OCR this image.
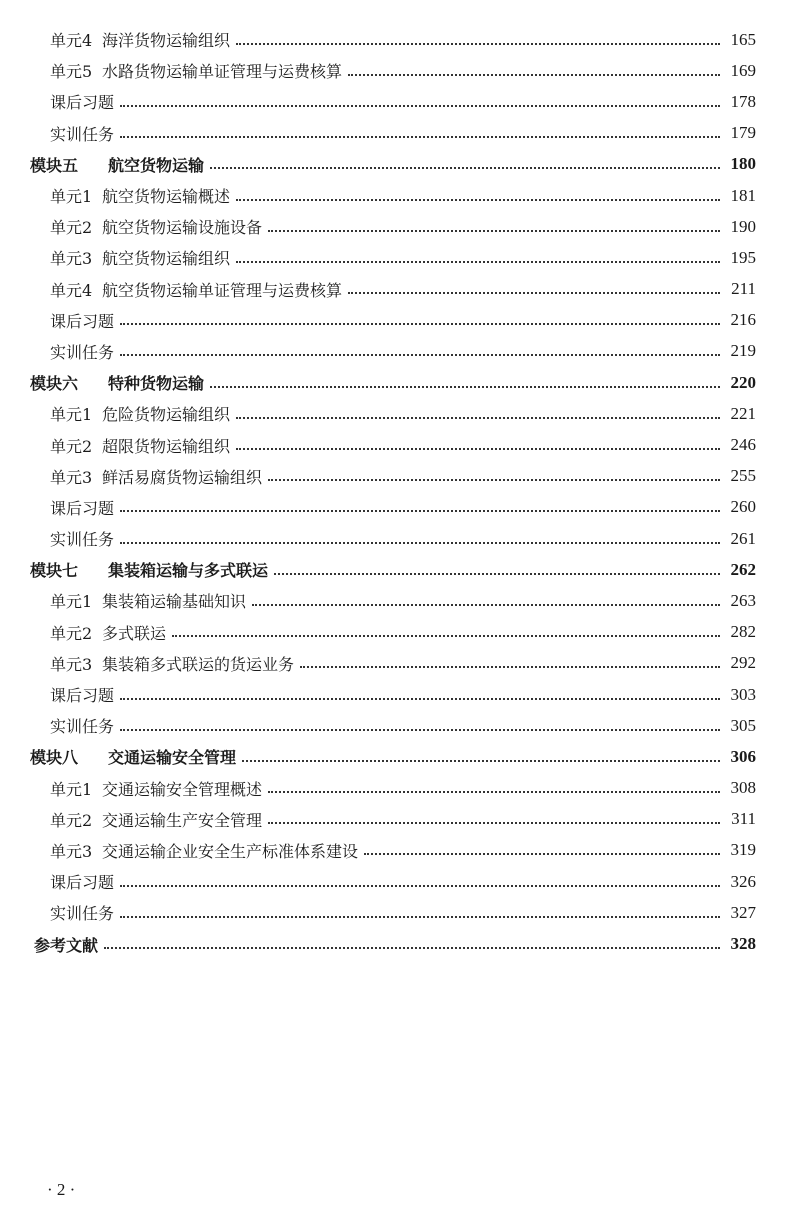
单元4 海洋货物运输组织	165
单元5 水路货物运输单证管理与运费核算	169
课后习题	178
实训任务	179
模块五	航空货物运输	180
单元1 航空货物运输概述	181
单元2 航空货物运输设施设备	190
单元3 航空货物运输组织	195
单元4 航空货物运输单证管理与运费核算	211
课后习题	216
实训任务	219
模块六	特种货物运输	220
单元1 危险货物运输组织	221
单元2 超限货物运输组织	246
单元3 鲜活易腐货物运输组织	255
课后习题	260
实训任务	261
模块七	集装箱运输与多式联运	262
单元1 集装箱运输基础知识	263
单元2 多式联运	282
单元3 集装箱多式联运的货运业务	292
课后习题	303
实训任务	305
模块八	交通运输安全管理	306
单元1 交通运输安全管理概述	308
单元2 交通运输生产安全管理	311
单元3 交通运输企业安全生产标准体系建设	319
课后习题	326
实训任务	327
参考文献	328
· 2 ·
